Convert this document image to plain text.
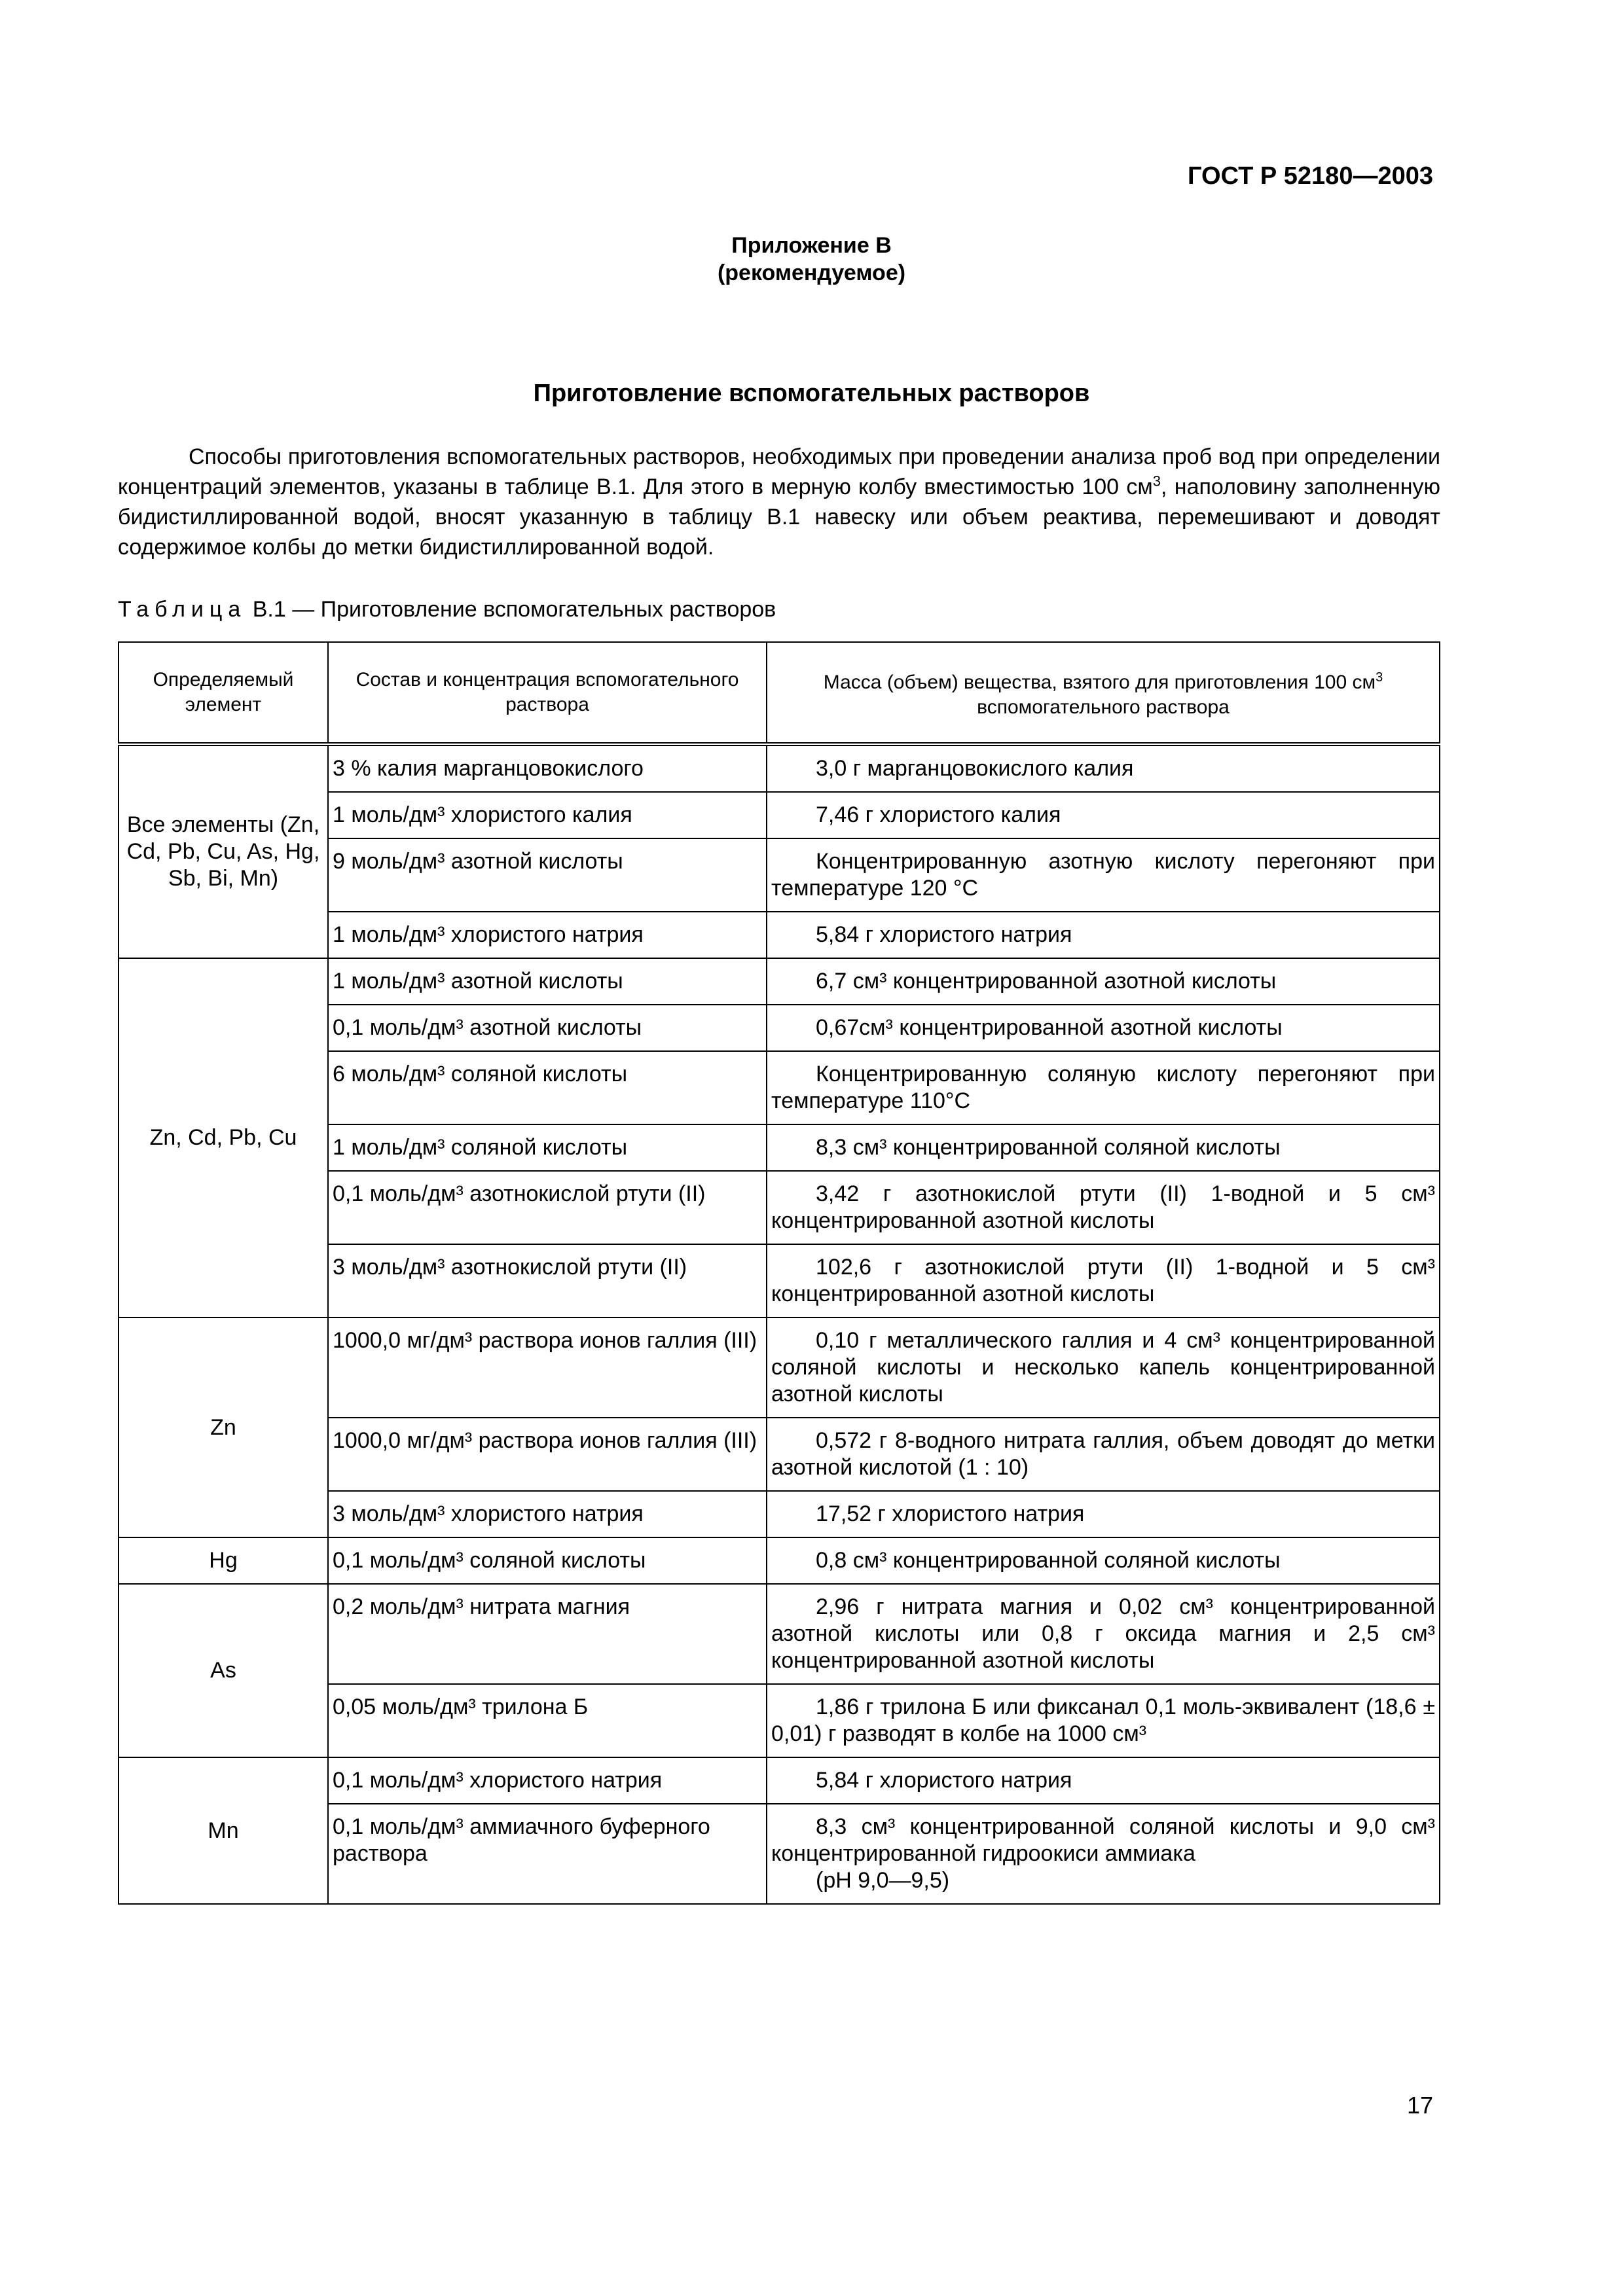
ГОСТ Р 52180—2003
Приложение В
(рекомендуемое)
Приготовление вспомогательных растворов

Способы приготовления вспомогательных растворов, необходимых при проведении анализа проб вод при определении концентраций элементов, указаны в таблице В.1. Для этого в мерную колбу вместимостью 100 $см^3$, наполовину заполненную бидистиллированной водой, вносят указанную в таблицу В.1 навеску или объем реактива, перемешивают и доводят содержимое колбы до метки бидистиллированной водой.

Таблица В.1 — Приготовление вспомогательных растворов
Определяемый элемент	Состав и концентрация вспомогательного раствора	Масса (объем) вещества, взятого для приготовления 100 $см^3$ вспомогательного раствора
Все элементы (Zn, Cd, Pb, Cu, As, Hg, Sb, Bi, Mn)	3 % калия марганцовокислого	3,0 г марганцовокислого калия

	1 моль/дм³ хлористого калия	7,46 г хлористого калия

	9 моль/дм³ азотной кислоты	Концентрированную азотную кислоту перегоняют при температуре 120 °С

	1 моль/дм³ хлористого натрия	5,84 г хлористого натрия

Zn, Cd, Pb, Cu	1 моль/дм³ азотной кислоты	6,7 см³ концентрированной азотной кислоты

	0,1 моль/дм³ азотной кислоты	0,67см³ концентрированной азотной кислоты

	6 моль/дм³ соляной кислоты	Концентрированную соляную кислоту перегоняют при температуре 110°С

	1 моль/дм³ соляной кислоты	8,3 см³ концентрированной соляной кислоты

	0,1 моль/дм³ азотнокислой ртути (II)	3,42 г азотнокислой ртути (II) 1-водной и 5 см³ концентрированной азотной кислоты

	3 моль/дм³ азотнокислой ртути (II)	102,6 г азотнокислой ртути (II) 1-водной и 5 см³ концентрированной азотной кислоты

Zn	1000,0 мг/дм³ раствора ионов галлия (III)	0,10 г металлического галлия и 4 см³ концентрированной соляной кислоты и несколько капель концентрированной азотной кислоты

	1000,0 мг/дм³ раствора ионов галлия (III)	0,572 г 8-водного нитрата галлия, объем доводят до метки азотной кислотой (1 : 10)

	3 моль/дм³ хлористого натрия	17,52 г хлористого натрия

Hg	0,1 моль/дм³ соляной кислоты	0,8 см³ концентрированной соляной кислоты

As	0,2 моль/дм³ нитрата магния	2,96 г нитрата магния и 0,02 см³ концентрированной азотной кислоты или 0,8 г оксида магния и 2,5 см³ концентрированной азотной кислоты

	0,05 моль/дм³ трилона Б	1,86 г трилона Б или фиксанал 0,1 моль-эквивалент (18,6 ± 0,01) г разводят в колбе на 1000 см³

Mn	0,1 моль/дм³ хлористого натрия	5,84 г хлористого натрия

	0,1 моль/дм³ аммиачного буферного раствора	8,3 см³ концентрированной соляной кислоты и 9,0 см³ концентрированной гидроокиси аммиака
(рН 9,0—9,5)
17
